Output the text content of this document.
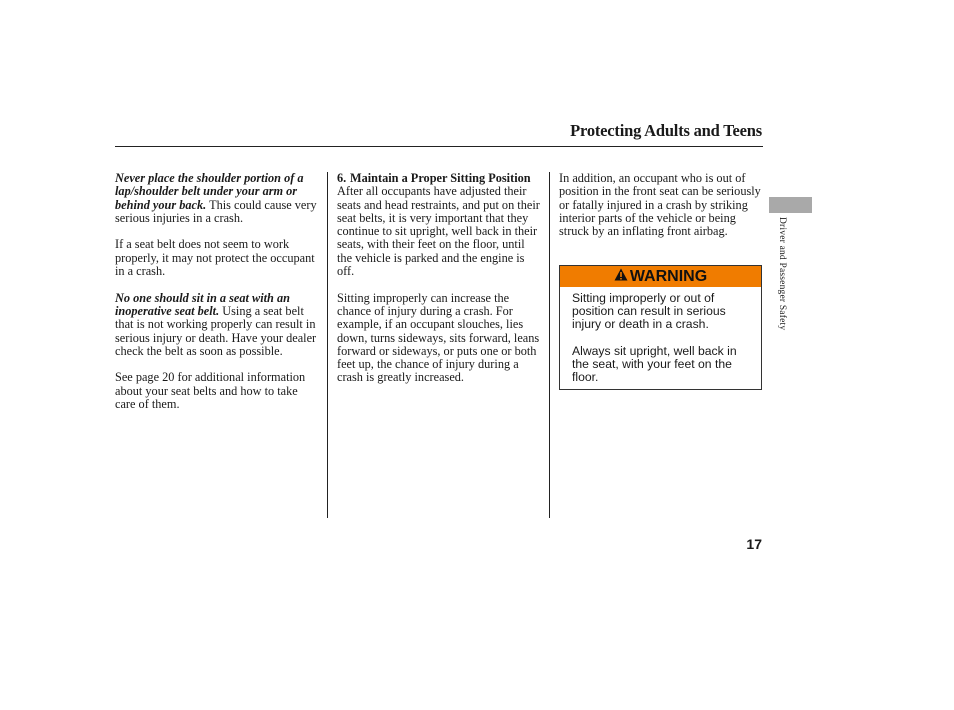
Protecting Adults and Teens

Never place the shoulder portion of a lap/shoulder belt under your arm or behind your back. This could cause very serious injuries in a crash.

If a seat belt does not seem to work properly, it may not protect the occupant in a crash.

No one should sit in a seat with an inoperative seat belt. Using a seat belt that is not working properly can result in serious injury or death. Have your dealer check the belt as soon as possible.

See page 20 for additional information about your seat belts and how to take care of them.

6. Maintain a Proper Sitting Position

After all occupants have adjusted their seats and head restraints, and put on their seat belts, it is very important that they continue to sit upright, well back in their seats, with their feet on the floor, until the vehicle is parked and the engine is off.

Sitting improperly can increase the chance of injury during a crash. For example, if an occupant slouches, lies down, turns sideways, sits forward, leans forward or sideways, or puts one or both feet up, the chance of injury during a crash is greatly increased.

In addition, an occupant who is out of position in the front seat can be seriously or fatally injured in a crash by striking interior parts of the vehicle or being struck by an inflating front airbag.

WARNING

Sitting improperly or out of position can result in serious injury or death in a crash.

Always sit upright, well back in the seat, with your feet on the floor.

Driver and Passenger Safety
17
